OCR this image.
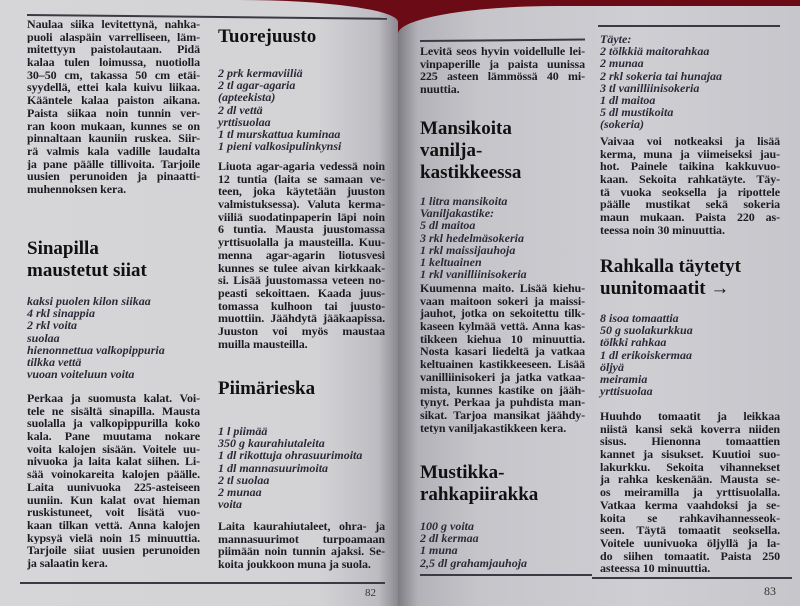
Naulaa siika levitettynä, nahka-
puoli alaspäin varrelliseen, läm-
mitettyyn paistolautaan. Pidä
kalaa tulen loimussa, nuotiolla
30–50 cm, takassa 50 cm etäi-
syydellä, ettei kala kuivu liikaa.
Kääntele kalaa paiston aikana.
Paista siikaa noin tunnin ver-
ran koon mukaan, kunnes se on
pinnaltaan kauniin ruskea. Siir-
rä valmis kala vadille laudalta
ja pane päälle tillivoita. Tarjoile
uusien perunoiden ja pinaatti-
muhennoksen kera.
Sinapilla
maustetut siiat
kaksi puolen kilon siikaa
4 rkl sinappia
2 rkl voita
suolaa
hienonnettua valkopippuria
tilkka vettä
vuoan voiteluun voita
Perkaa ja suomusta kalat. Voi-
tele ne sisältä sinapilla. Mausta
suolalla ja valkopippurilla koko
kala. Pane muutama nokare
voita kalojen sisään. Voitele uu-
nivuoka ja laita kalat siihen. Li-
sää voinokareita kalojen päälle.
Laita uunivuoka 225-asteiseen
uuniin. Kun kalat ovat hieman
ruskistuneet, voit lisätä vuo-
kaan tilkan vettä. Anna kalojen
kypsyä vielä noin 15 minuuttia.
Tarjoile siiat uusien perunoiden
ja salaatin kera.
Tuorejuusto
2 prk kermaviiliä
2 tl agar-agaria
(apteekista)
2 dl vettä
yrttisuolaa
1 tl murskattua kuminaa
1 pieni valkosipulinkynsi
Liuota agar-agaria vedessä noin
12 tuntia (laita se samaan ve-
teen, joka käytetään juuston
valmistuksessa). Valuta kerma-
viiliä suodatinpaperin läpi noin
6 tuntia. Mausta juustomassa
yrttisuolalla ja mausteilla. Kuu-
menna agar-agarin liotusvesi
kunnes se tulee aivan kirkkaak-
si. Lisää juustomassa veteen no-
peasti sekoittaen. Kaada juus-
tomassa kulhoon tai juusto-
muottiin. Jäähdytä jääkaapissa.
Juuston voi myös maustaa
muilla mausteilla.
Piimärieska
1 l piimää
350 g kaurahiutaleita
1 dl rikottuja ohrasuurimoita
1 dl mannasuurimoita
2 tl suolaa
2 munaa
voita
Laita kaurahiutaleet, ohra- ja
mannasuurimot turpoamaan
piimään noin tunnin ajaksi. Se-
koita joukkoon muna ja suola.
82
Levitä seos hyvin voidellulle lei-
vinpaperille ja paista uunissa
225 asteen lämmössä 40 mi-
nuuttia.
Mansikoita
vanilja-
kastikkeessa
1 litra mansikoita
Vaniljakastike:
5 dl maitoa
3 rkl hedelmäsokeria
1 rkl maissijauhoja
1 keltuainen
1 rkl vanilliinisokeria
Kuumenna maito. Lisää kiehu-
vaan maitoon sokeri ja maissi-
jauhot, jotka on sekoitettu tilk-
kaseen kylmää vettä. Anna kas-
tikkeen kiehua 10 minuuttia.
Nosta kasari liedeltä ja vatkaa
keltuainen kastikkeeseen. Lisää
vanilliinisokeri ja jatka vatkaa-
mista, kunnes kastike on jääh-
tynyt. Perkaa ja puhdista man-
sikat. Tarjoa mansikat jäähdy-
tetyn vaniljakastikkeen kera.
Mustikka-
rahkapiirakka
100 g voita
2 dl kermaa
1 muna
2,5 dl grahamjauhoja
Täyte:
2 tölkkiä maitorahkaa
2 munaa
2 rkl sokeria tai hunajaa
3 tl vanilliinisokeria
1 dl maitoa
5 dl mustikoita
(sokeria)
Vaivaa voi notkeaksi ja lisää
kerma, muna ja viimeiseksi jau-
hot. Painele taikina kakkuvuo-
kaan. Sekoita rahkatäyte. Täy-
tä vuoka seoksella ja ripottele
päälle mustikat sekä sokeria
maun mukaan. Paista 220 as-
teessa noin 30 minuuttia.
Rahkalla täytetyt
uunitomaatit →
8 isoa tomaattia
50 g suolakurkkua
tölkki rahkaa
1 dl erikoiskermaa
öljyä
meiramia
yrttisuolaa
Huuhdo tomaatit ja leikkaa
niistä kansi sekä koverra niiden
sisus. Hienonna tomaattien
kannet ja sisukset. Kuutioi suo-
lakurkku. Sekoita vihannekset
ja rahka keskenään. Mausta se-
os meiramilla ja yrttisuolalla.
Vatkaa kerma vaahdoksi ja se-
koita se rahkavihannesseok-
seen. Täytä tomaatit seoksella.
Voitele uunivuoka öljyllä ja la-
do siihen tomaatit. Paista 250
asteessa 10 minuuttia.
83
